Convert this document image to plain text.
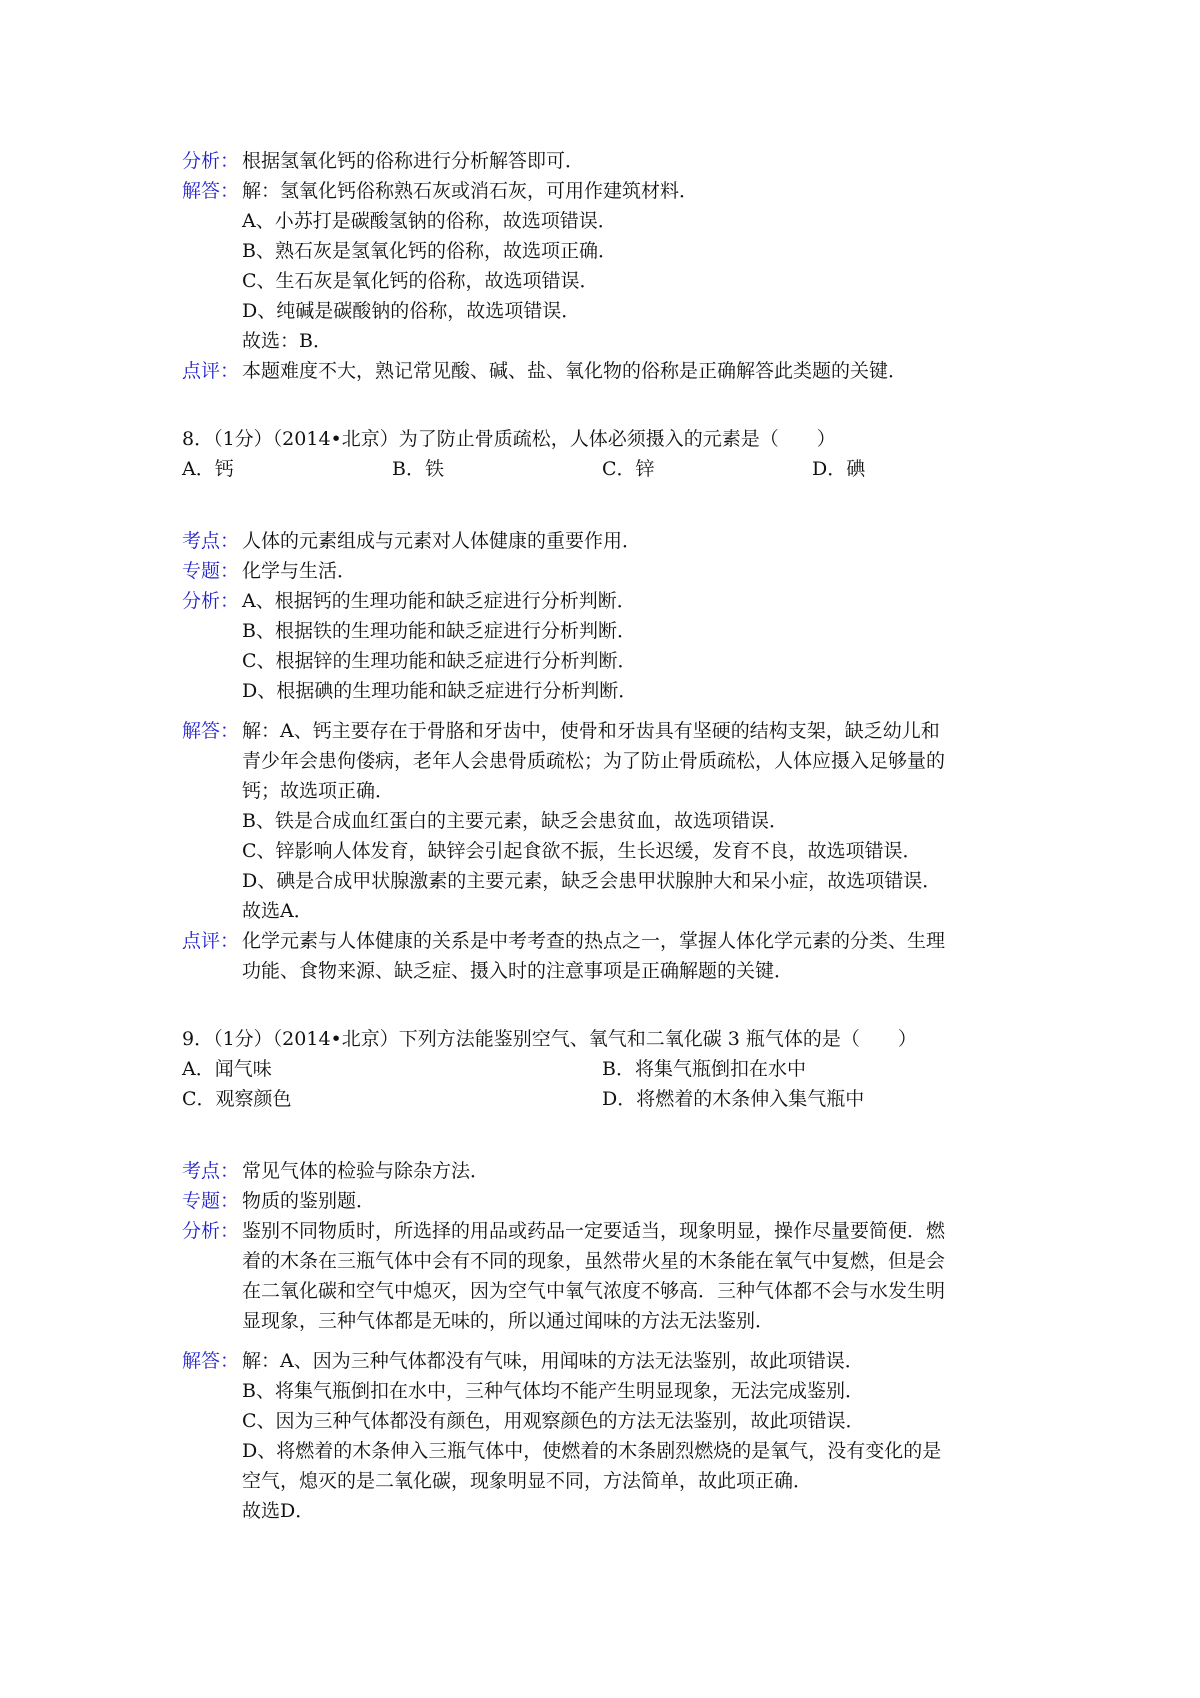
分析： 根据氢氧化钙的俗称进行分析解答即可．
解答： 解：氢氧化钙俗称熟石灰或消石灰，可用作建筑材料．
A、小苏打是碳酸氢钠的俗称，故选项错误．
B、熟石灰是氢氧化钙的俗称，故选项正确．
C、生石灰是氧化钙的俗称，故选项错误．
D、纯碱是碳酸钠的俗称，故选项错误．
故选：B．
点评： 本题难度不大，熟记常见酸、碱、盐、氧化物的俗称是正确解答此类题的关键．
8．（1分）（2014•北京）为了防止骨质疏松，人体必须摄入的元素是（　　）
A．钙	B．铁	C．锌	D．碘
考点： 人体的元素组成与元素对人体健康的重要作用．
专题： 化学与生活．
分析： A、根据钙的生理功能和缺乏症进行分析判断．
B、根据铁的生理功能和缺乏症进行分析判断．
C、根据锌的生理功能和缺乏症进行分析判断．
D、根据碘的生理功能和缺乏症进行分析判断．
解答： 解：A、钙主要存在于骨胳和牙齿中，使骨和牙齿具有坚硬的结构支架，缺乏幼儿和
青少年会患佝偻病，老年人会患骨质疏松；为了防止骨质疏松，人体应摄入足够量的
钙；故选项正确．
B、铁是合成血红蛋白的主要元素，缺乏会患贫血，故选项错误．
C、锌影响人体发育，缺锌会引起食欲不振，生长迟缓，发育不良，故选项错误．
D、碘是合成甲状腺激素的主要元素，缺乏会患甲状腺肿大和呆小症，故选项错误．
故选A．
点评： 化学元素与人体健康的关系是中考考查的热点之一，掌握人体化学元素的分类、生理
功能、食物来源、缺乏症、摄入时的注意事项是正确解题的关键．
9．（1分）（2014•北京）下列方法能鉴别空气、氧气和二氧化碳 3 瓶气体的是（　　）
A．闻气味	B．将集气瓶倒扣在水中
C．观察颜色	D．将燃着的木条伸入集气瓶中
考点： 常见气体的检验与除杂方法．
专题： 物质的鉴别题．
分析： 鉴别不同物质时，所选择的用品或药品一定要适当，现象明显，操作尽量要简便．燃
着的木条在三瓶气体中会有不同的现象，虽然带火星的木条能在氧气中复燃，但是会
在二氧化碳和空气中熄灭，因为空气中氧气浓度不够高．三种气体都不会与水发生明
显现象，三种气体都是无味的，所以通过闻味的方法无法鉴别．
解答： 解：A、因为三种气体都没有气味，用闻味的方法无法鉴别，故此项错误．
B、将集气瓶倒扣在水中，三种气体均不能产生明显现象，无法完成鉴别．
C、因为三种气体都没有颜色，用观察颜色的方法无法鉴别，故此项错误．
D、将燃着的木条伸入三瓶气体中，使燃着的木条剧烈燃烧的是氧气，没有变化的是
空气，熄灭的是二氧化碳，现象明显不同，方法简单，故此项正确．
故选D．
